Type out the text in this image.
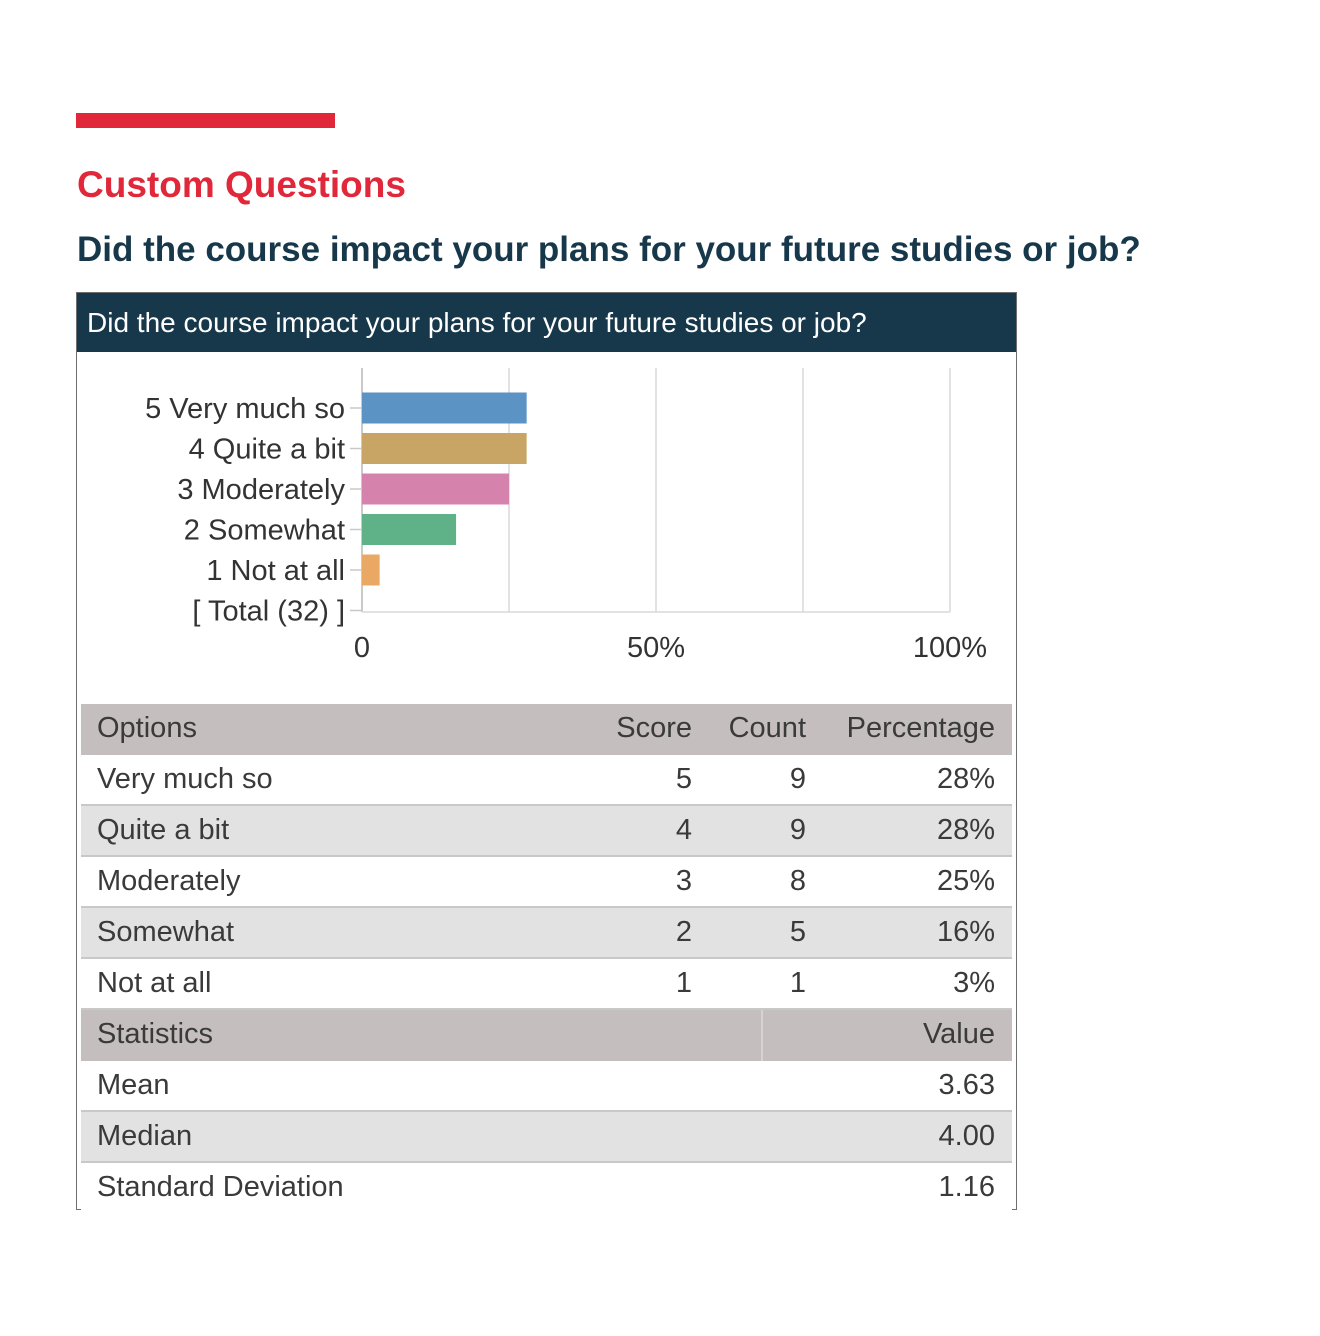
Custom Questions
Did the course impact your plans for your future studies or job?
Did the course impact your plans for your future studies or job?
5 Very much so
4 Quite a bit
3 Moderately
2 Somewhat
1 Not at all
[ Total (32) ]
0	50%	100%
Options	Score Count Percentage
Very much so	5	9	28%
Quite a bit	4	9	28%
Moderately	3	8	25%
Somewhat	2	5	16%
Not at all	1	1	3%
Statistics	Value
Mean	3.63
Median	4.00
Standard Deviation	1.16
